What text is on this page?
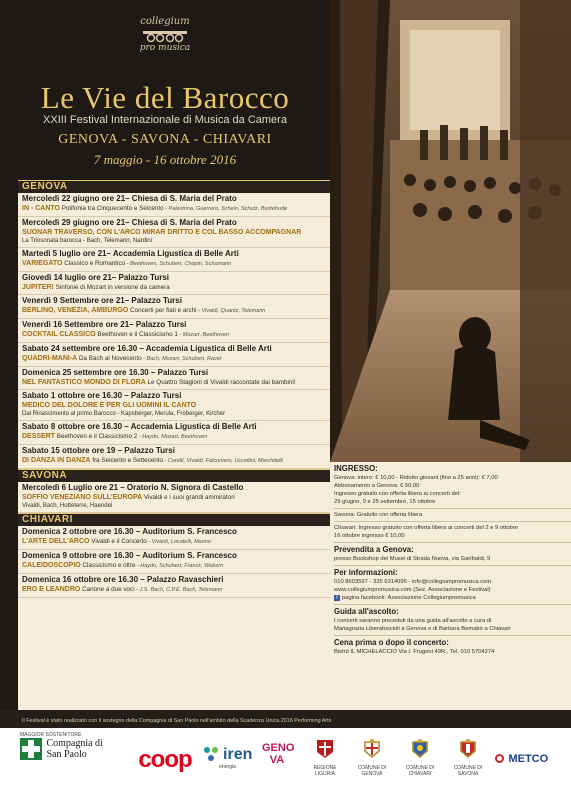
collegium
pro musica
Le Vie del Barocco
XXIII Festival Internazionale di Musica da Camera
GENOVA - SAVONA - CHIAVARI
7 maggio - 16 ottobre 2016
GENOVA
Mercoledì 22 giugno ore 21– Chiesa di S. Maria del Prato
IN - CANTO Polifonia tra Cinquecento e Seicento - Palestrina, Guerrero, Schein, Schutz, Buxtehude
Mercoledì 29 giugno ore 21– Chiesa di S. Maria del Prato
SUONAR TRAVERSO, CON L'ARCO MIRAR DRITTO E COL BASSO ACCOMPAGNAR
La Triosonata barocca - Bach, Telemann, Nardini
Martedì 5 luglio ore 21– Accademia Ligustica di Belle Arti
VARIEGATO Classico e Romantico - Beethoven, Schubert, Chopin, Schumann
Giovedì 14 luglio ore 21– Palazzo Tursi
JUPITER! Sinfonie di Mozart in versione da camera
Venerdì 9 Settembre ore 21– Palazzo Tursi
BERLINO, VENEZIA, AMBURGO Concerti per fiati e archi - Vivaldi, Quantz, Telemann
Venerdì 16 Settembre ore 21– Palazzo Tursi
COCKTAIL CLASSICO Beethoven e il Classicismo 1 - Mozart, Beethoven
Sabato 24 settembre ore 16.30 – Accademia Ligustica di Belle Arti
QUADRI-MANI-A Da Bach al Novecento - Bach, Mozart, Schubert, Ravel
Domenica 25 settembre ore 16.30 – Palazzo Tursi
NEL FANTASTICO MONDO DI FLORA Le Quattro Stagioni di Vivaldi raccontate dai bambini!
Sabato 1 ottobre ore 16.30 – Palazzo Tursi
MEDICO DEL DOLORE È PER GLI UOMINI IL CANTO
Dal Rinascimento al primo Barocco - Kapsberger, Merula, Froberger, Kircher
Sabato 8 ottobre ore 16.30 – Accademia Ligustica di Belle Arti
DESSERT Beethoven e il Classicismo 2 - Haydn, Mozart, Beethoven
Sabato 15 ottobre ore 19 – Palazzo Tursi
DI DANZA IN DANZA fra Seicento e Settecento - Corelli, Vivaldi, Falconiero, Uccellini, Marchitelli
SAVONA
Mercoledì 6 Luglio ore 21 – Oratorio N. Signora di Castello
SOFFIO VENEZIANO SULL'EUROPA Vivaldi e i suoi grandi ammiratori
Vivaldi, Bach, Hotteterre, Haendel
CHIAVARI
Domenica 2 ottobre ore 16.30 – Auditorium S. Francesco
L'ARTE DELL'ARCO Vivaldi e il Concerto - Vivaldi, Locatelli, Marino
Domenica 9 ottobre ore 16.30 – Auditorium S. Francesco
CALEIDOSCOPIO Classicismo e oltre - Haydn, Schubert, Franck, Webern
Domenica 16 ottobre ore 16.30 – Palazzo Ravaschieri
ERO E LEANDRO Canone a due voci - J.S. Bach, C.P.E. Bach, Telemann
INGRESSO:
Genova: intero: € 10,00 - Ridotto giovani (fino a 25 anni): € 7,00
Abbonamento a Genova: € 50,00
Ingresso gratuito con offerta libera ai concerti del:
29 giugno, 9 e 25 settembre, 15 ottobre
Savona: Gratuito con offerta libera
Chiavari: Ingresso gratuito con offerta libera ai concerti del 2 e 9 ottobre
16 ottobre ingresso € 10,00
Prevendita a Genova:
presso Bookshop dei Musei di Strada Nuova, via Garibaldi, 9
Per informazioni:
010 8603597 - 335 6314095 - info@collegiumpromusica.com
www.collegiumpromusica.com (Sez. Associazione e Festival)
f pagina facebook: Associazione Collegiumpromusica
Guida all'ascolto:
I concerti saranno preceduti da una guida all'ascolto a cura di
Mariagrazia Liberatoscioli a Genova e di Barbara Bemabò a Chiavari
Cena prima o dopo il concerto:
Bistrò IL MICHELACCIO Via I. Frugoni 49R., Tel. 010 5704274
Il Festival è stato realizzato con il sostegno della Compagnia di San Paolo nell'ambito della Scadenza Unica 2016 Performing Arts
MAGGIOR SOSTENITORE
Compagnia di San Paolo	coop	iren
energia
GENO VA
REGIONE LIGURIA
COMUNE DI GENOVA
COMUNE DI CHIAVARI
COMUNE DI SAVONA
METCO
